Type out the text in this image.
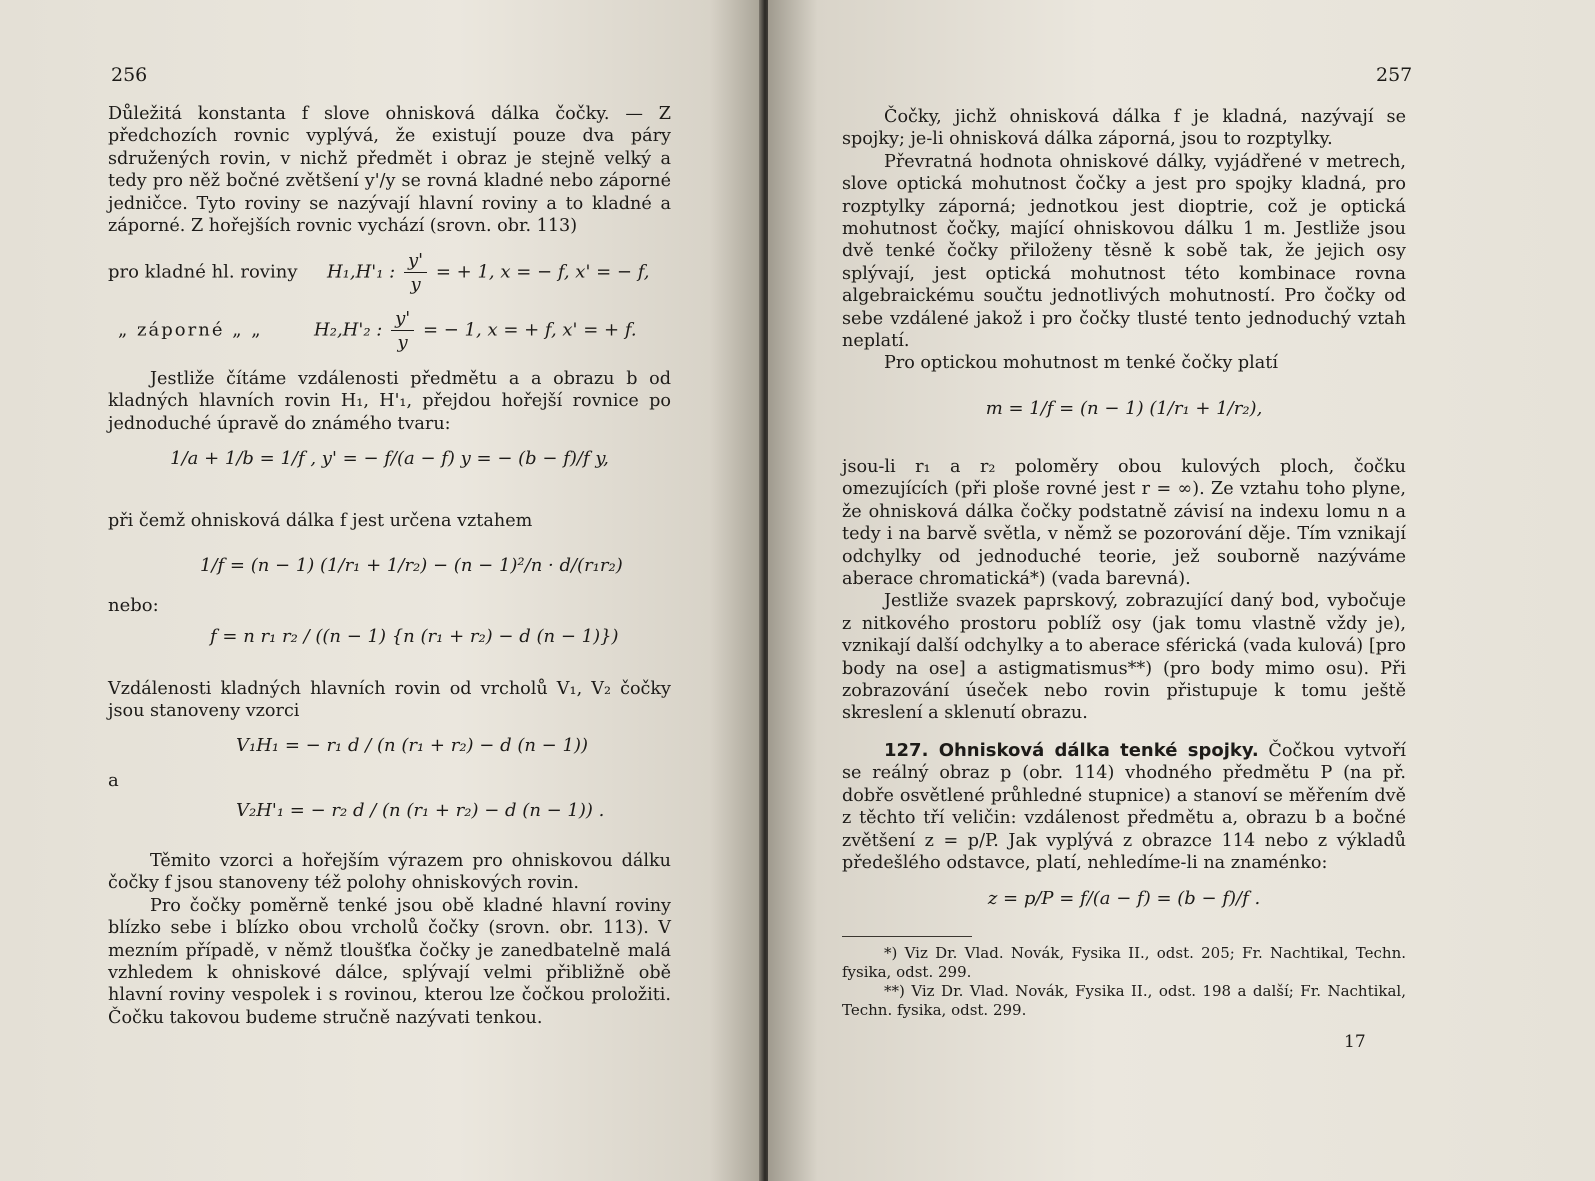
256

Důležitá konstanta f slove ohnisková dálka čočky. — Z předchozích rovnic vyplývá, že existují pouze dva páry sdružených rovin, v nichž předmět i obraz je stejně velký a tedy pro něž bočné zvětšení y'/y se rovná kladné nebo záporné jedničce. Tyto roviny se nazývají hlavní roviny a to kladné a záporné. Z hořejších rovnic vychází (srovn. obr. 113)

pro kladné hl. roviny H₁,H'₁ : $\frac{y'}{y}$ = + 1, x = − f, x' = − f,
„ záporné „ „	H₂,H'₂ : $\frac{y'}{y}$ = − 1, x = + f, x' = + f.

Jestliže čítáme vzdálenosti předmětu a a obrazu b od kladných hlavních rovin H₁, H'₁, přejdou hořejší rovnice po jednoduché úpravě do známého tvaru:

1/a + 1/b = 1/f , y' = − f/(a − f) y = − (b − f)/f y,

při čemž ohnisková dálka f jest určena vztahem

1/f = (n − 1) (1/r₁ + 1/r₂) − (n − 1)²/n · d/(r₁r₂)
nebo:
f = n r₁ r₂ / ((n − 1) {n (r₁ + r₂) − d (n − 1)})

Vzdálenosti kladných hlavních rovin od vrcholů V₁, V₂ čočky jsou stanoveny vzorci

V₁H₁ = − r₁ d / (n (r₁ + r₂) − d (n − 1))
a
V₂H'₁ = − r₂ d / (n (r₁ + r₂) − d (n − 1)) .

Těmito vzorci a hořejším výrazem pro ohniskovou dálku čočky f jsou stanoveny též polohy ohniskových rovin.

Pro čočky poměrně tenké jsou obě kladné hlavní roviny blízko sebe i blízko obou vrcholů čočky (srovn. obr. 113). V mezním případě, v němž tloušťka čočky je zanedbatelně malá vzhledem k ohniskové dálce, splývají velmi přibližně obě hlavní roviny vespolek i s rovinou, kterou lze čočkou proložiti. Čočku takovou budeme stručně nazývati tenkou.

257

Čočky, jichž ohnisková dálka f je kladná, nazývají se spojky; je-li ohnisková dálka záporná, jsou to rozptylky.

Převratná hodnota ohniskové dálky, vyjádřené v metrech, slove optická mohutnost čočky a jest pro spojky kladná, pro rozptylky záporná; jednotkou jest dioptrie, což je optická mohutnost čočky, mající ohniskovou dálku 1 m. Jestliže jsou dvě tenké čočky přiloženy těsně k sobě tak, že jejich osy splývají, jest optická mohutnost této kombinace rovna algebraickému součtu jednotlivých mohutností. Pro čočky od sebe vzdálené jakož i pro čočky tlusté tento jednoduchý vztah neplatí.

Pro optickou mohutnost m tenké čočky platí

m = 1/f = (n − 1) (1/r₁ + 1/r₂),

jsou-li r₁ a r₂ poloměry obou kulových ploch, čočku omezujících (při ploše rovné jest r = ∞). Ze vztahu toho plyne, že ohnisková dálka čočky podstatně závisí na indexu lomu n a tedy i na barvě světla, v němž se pozorování děje. Tím vznikají odchylky od jednoduché teorie, jež souborně nazýváme aberace chromatická*) (vada barevná).

Jestliže svazek paprskový, zobrazující daný bod, vybočuje z nitkového prostoru poblíž osy (jak tomu vlastně vždy je), vznikají další odchylky a to aberace sférická (vada kulová) [pro body na ose] a astigmatismus**) (pro body mimo osu). Při zobrazování úseček nebo rovin přistupuje k tomu ještě skreslení a sklenutí obrazu.

127. Ohnisková dálka tenké spojky. Čočkou vytvoří se reálný obraz p (obr. 114) vhodného předmětu P (na př. dobře osvětlené průhledné stupnice) a stanoví se měřením dvě z těchto tří veličin: vzdálenost předmětu a, obrazu b a bočné zvětšení z = p/P. Jak vyplývá z obrazce 114 nebo z výkladů předešlého odstavce, platí, nehledíme-li na znaménko:

z = p/P = f/(a − f) = (b − f)/f .

*) Viz Dr. Vlad. Novák, Fysika II., odst. 205; Fr. Nachtikal, Techn. fysika, odst. 299.

**) Viz Dr. Vlad. Novák, Fysika II., odst. 198 a další; Fr. Nachtikal, Techn. fysika, odst. 299.

17
